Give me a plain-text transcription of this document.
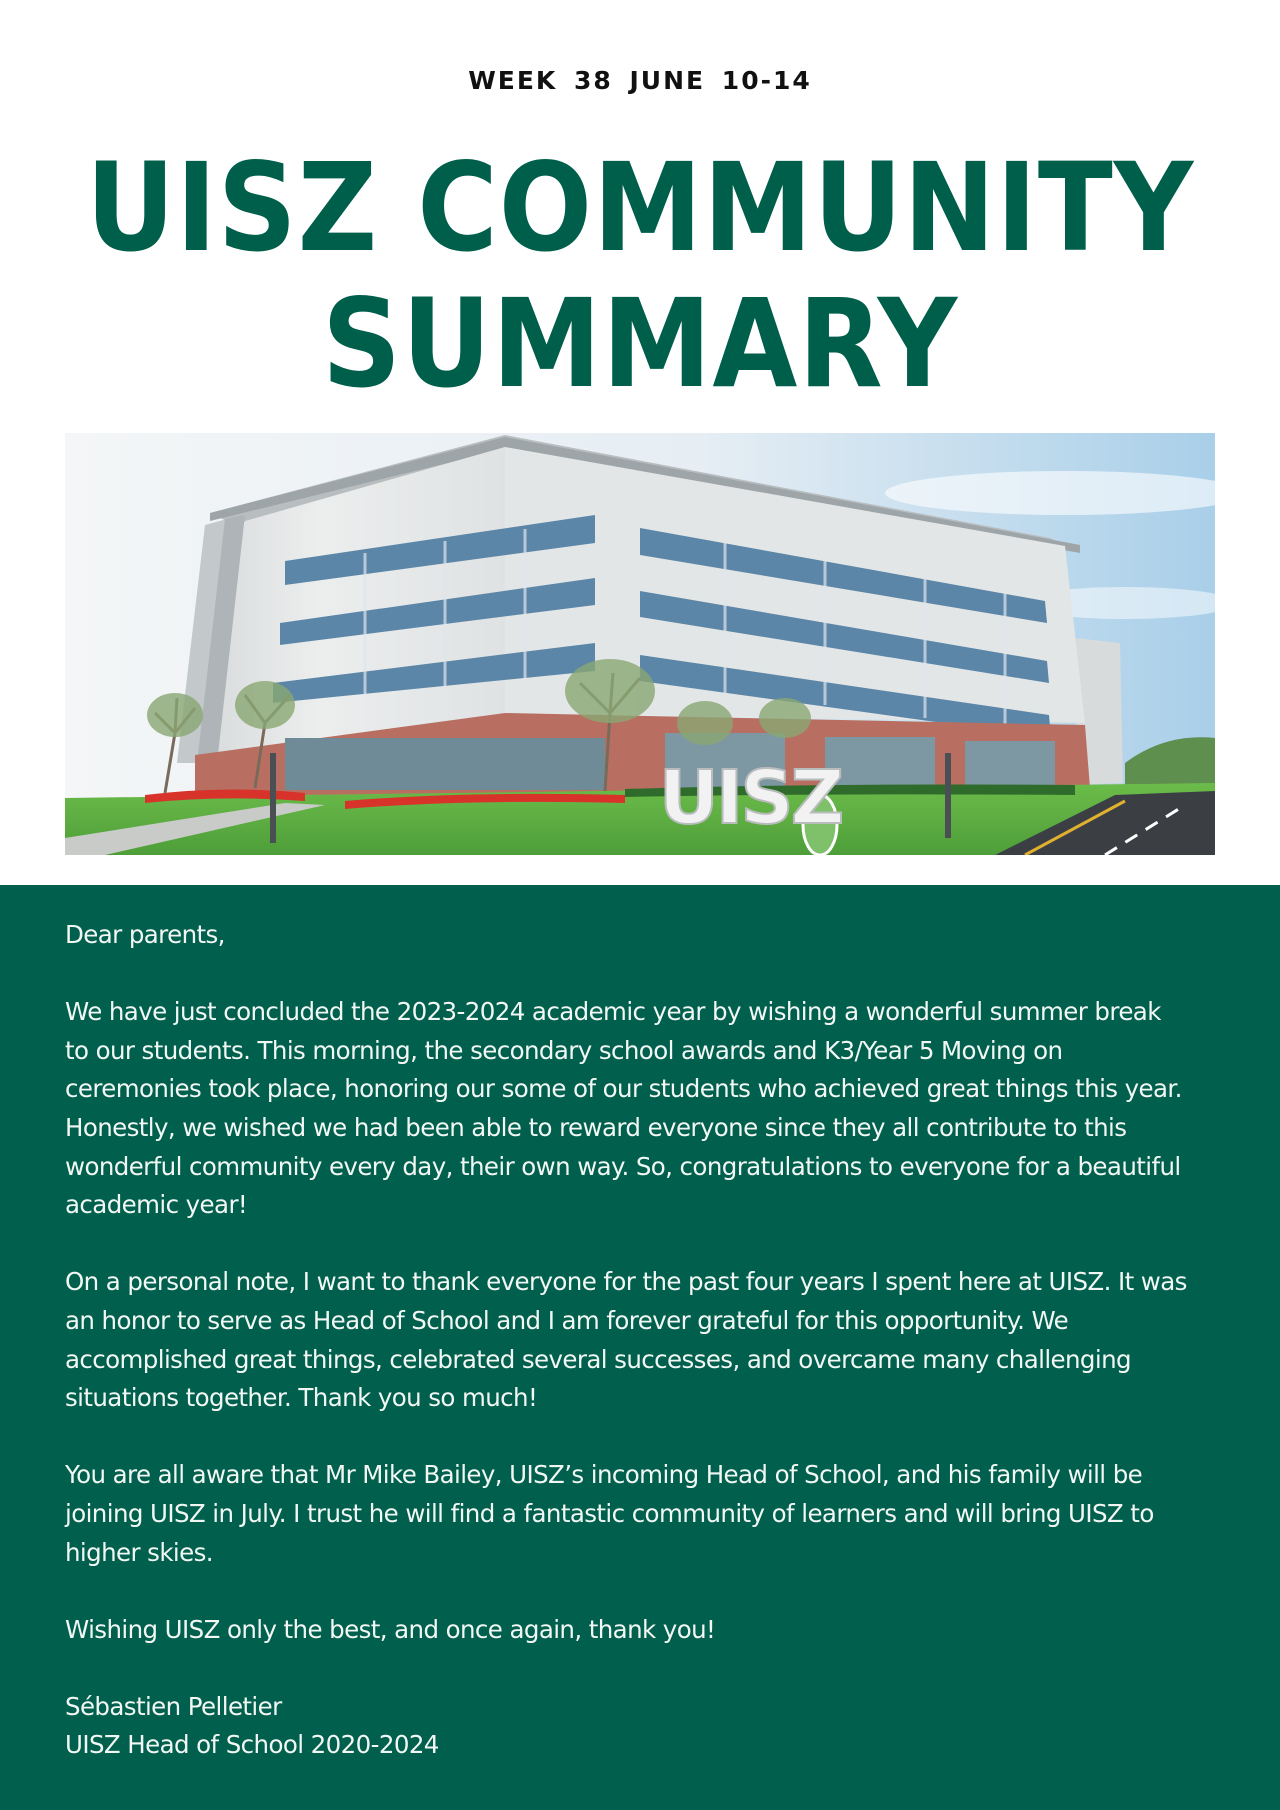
WEEK 38 JUNE 10-14
UISZ COMMUNITY
SUMMARY
UISZ

Dear parents,

We have just concluded the 2023-2024 academic year by wishing a wonderful summer break
to our students. This morning, the secondary school awards and K3/Year 5 Moving on
ceremonies took place, honoring our some of our students who achieved great things this year.
Honestly, we wished we had been able to reward everyone since they all contribute to this
wonderful community every day, their own way. So, congratulations to everyone for a beautiful
academic year!

On a personal note, I want to thank everyone for the past four years I spent here at UISZ. It was
an honor to serve as Head of School and I am forever grateful for this opportunity. We
accomplished great things, celebrated several successes, and overcame many challenging
situations together. Thank you so much!

You are all aware that Mr Mike Bailey, UISZ’s incoming Head of School, and his family will be
joining UISZ in July. I trust he will find a fantastic community of learners and will bring UISZ to
higher skies.

Wishing UISZ only the best, and once again, thank you!

Sébastien Pelletier
UISZ Head of School 2020-2024
